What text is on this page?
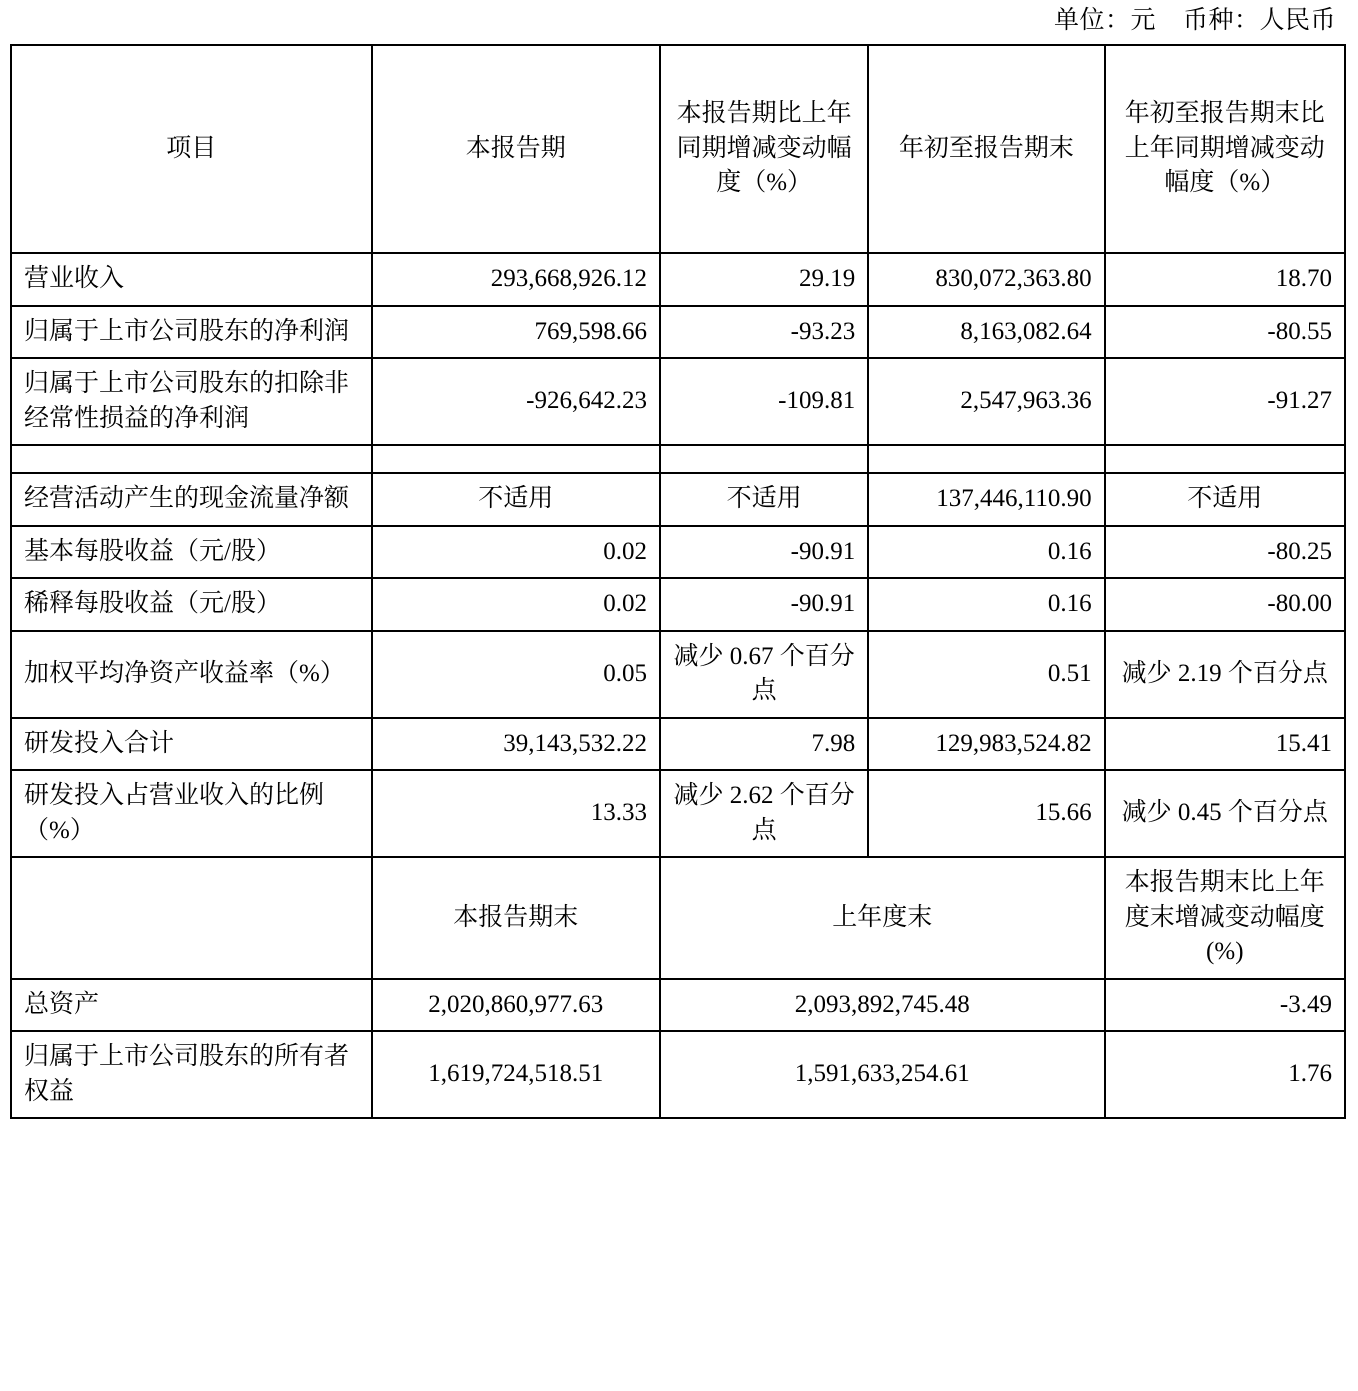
单位：元    币种：人民币
项目	本报告期	本报告期比上年同期增减变动幅度（%）	年初至报告期末	年初至报告期末比上年同期增减变动幅度（%）
营业收入	293,668,926.12	29.19	830,072,363.80	18.70
归属于上市公司股东的净利润	769,598.66	-93.23	8,163,082.64	-80.55
归属于上市公司股东的扣除非经常性损益的净利润	-926,642.23	-109.81	2,547,963.36	-91.27

经营活动产生的现金流量净额	不适用	不适用	137,446,110.90	不适用
基本每股收益（元/股）	0.02	-90.91	0.16	-80.25
稀释每股收益（元/股）	0.02	-90.91	0.16	-80.00
加权平均净资产收益率（%）	0.05	减少 0.67 个百分点	0.51	减少 2.19 个百分点
研发投入合计	39,143,532.22	7.98	129,983,524.82	15.41
研发投入占营业收入的比例（%）	13.33	减少 2.62 个百分点	15.66	减少 0.45 个百分点
	本报告期末	上年度末		本报告期末比上年度末增减变动幅度(%)
总资产	2,020,860,977.63	2,093,892,745.48		-3.49
归属于上市公司股东的所有者权益	1,619,724,518.51	1,591,633,254.61		1.76
